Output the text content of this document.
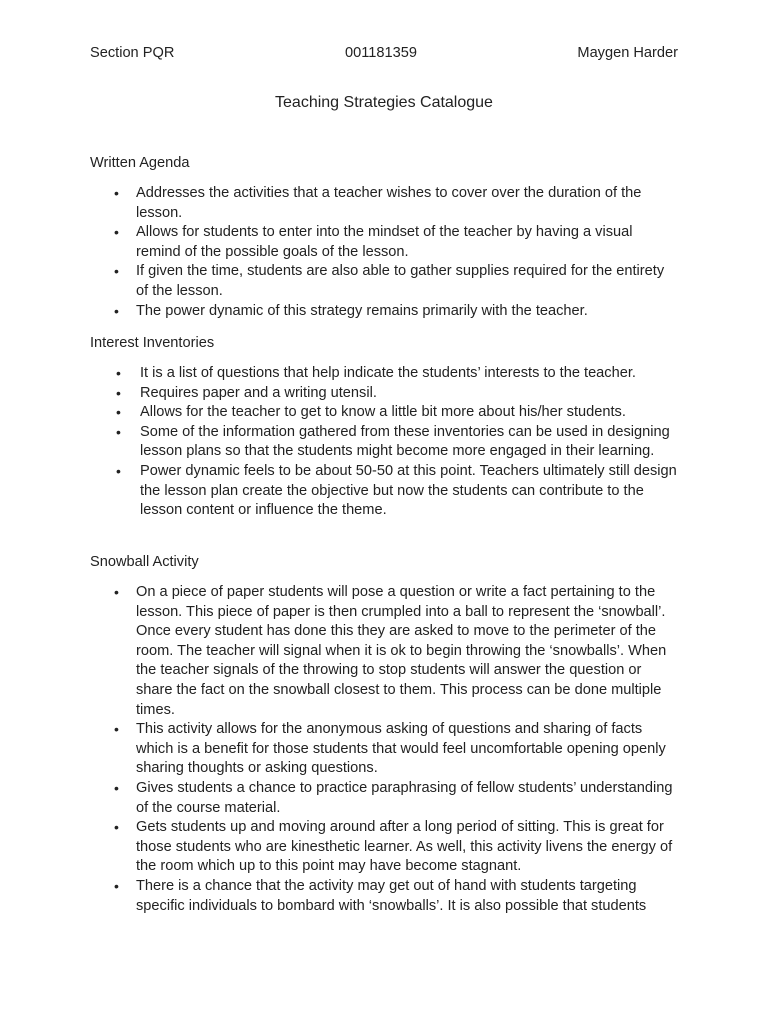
Section PQR	001181359	Maygen Harder
Teaching Strategies Catalogue
Written Agenda
• Addresses the activities that a teacher wishes to cover over the duration of the lesson.
• Allows for students to enter into the mindset of the teacher by having a visual remind of the possible goals of the lesson.
• If given the time, students are also able to gather supplies required for the entirety of the lesson.
• The power dynamic of this strategy remains primarily with the teacher.
Interest Inventories
• It is a list of questions that help indicate the students’ interests to the teacher.
• Requires paper and a writing utensil.
• Allows for the teacher to get to know a little bit more about his/her students.
• Some of the information gathered from these inventories can be used in designing lesson plans so that the students might become more engaged in their learning.
• Power dynamic feels to be about 50-50 at this point. Teachers ultimately still design the lesson plan create the objective but now the students can contribute to the lesson content or influence the theme.
Snowball Activity
• On a piece of paper students will pose a question or write a fact pertaining to the lesson. This piece of paper is then crumpled into a ball to represent the ‘snowball’. Once every student has done this they are asked to move to the perimeter of the room. The teacher will signal when it is ok to begin throwing the ‘snowballs’. When the teacher signals of the throwing to stop students will answer the question or share the fact on the snowball closest to them. This process can be done multiple times.
• This activity allows for the anonymous asking of questions and sharing of facts which is a benefit for those students that would feel uncomfortable opening openly sharing thoughts or asking questions.
• Gives students a chance to practice paraphrasing of fellow students’ understanding of the course material.
• Gets students up and moving around after a long period of sitting. This is great for those students who are kinesthetic learner. As well, this activity livens the energy of the room which up to this point may have become stagnant.
• There is a chance that the activity may get out of hand with students targeting specific individuals to bombard with ‘snowballs’. It is also possible that students
